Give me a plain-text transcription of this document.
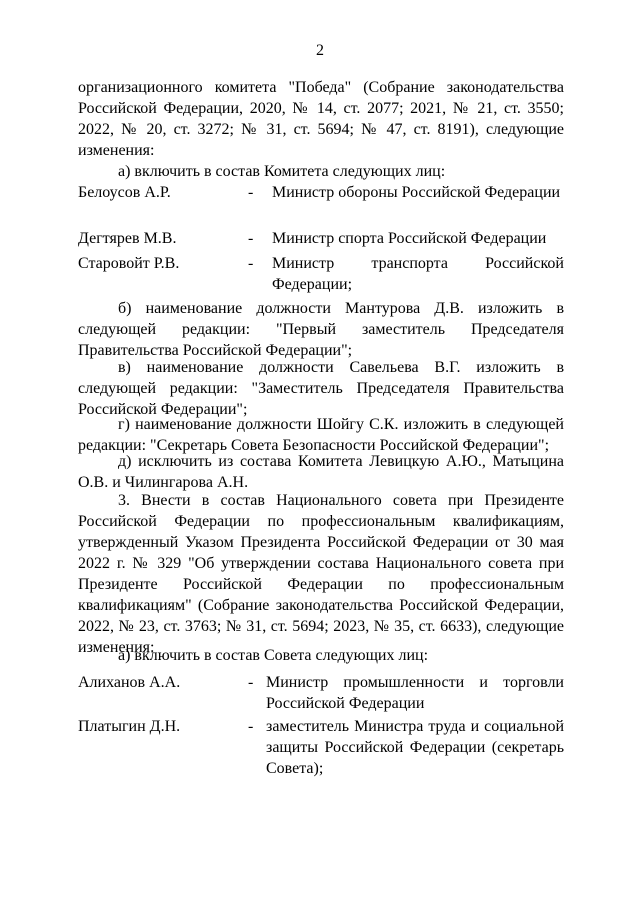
2

организационного комитета "Победа" (Собрание законодательства Российской Федерации, 2020, № 14, ст. 2077; 2021, № 21, ст. 3550; 2022, № 20, ст. 3272; № 31, ст. 5694; № 47, ст. 8191), следующие изменения:

а) включить в состав Комитета следующих лиц:

Белоусов А.Р.	- Министр обороны Российской Федерации
Дегтярев М.В.	- Министр спорта Российской Федерации
Старовойт Р.В.	- Министр транспорта Российской Федерации;

б) наименование должности Мантурова Д.В. изложить в следующей редакции: "Первый заместитель Председателя Правительства Российской Федерации";

в) наименование должности Савельева В.Г. изложить в следующей редакции: "Заместитель Председателя Правительства Российской Федерации";

г) наименование должности Шойгу С.К. изложить в следующей редакции: "Секретарь Совета Безопасности Российской Федерации";

д) исключить из состава Комитета Левицкую А.Ю., Матыцина О.В. и Чилингарова А.Н.

3. Внести в состав Национального совета при Президенте Российской Федерации по профессиональным квалификациям, утвержденный Указом Президента Российской Федерации от 30 мая 2022 г. № 329 "Об утверждении состава Национального совета при Президенте Российской Федерации по профессиональным квалификациям" (Собрание законодательства Российской Федерации, 2022, № 23, ст. 3763; № 31, ст. 5694; 2023, № 35, ст. 6633), следующие изменения:

а) включить в состав Совета следующих лиц:

Алиханов А.А.	- Министр промышленности и торговли Российской Федерации
Платыгин Д.Н.	- заместитель Министра труда и социальной защиты Российской Федерации (секретарь Совета);
